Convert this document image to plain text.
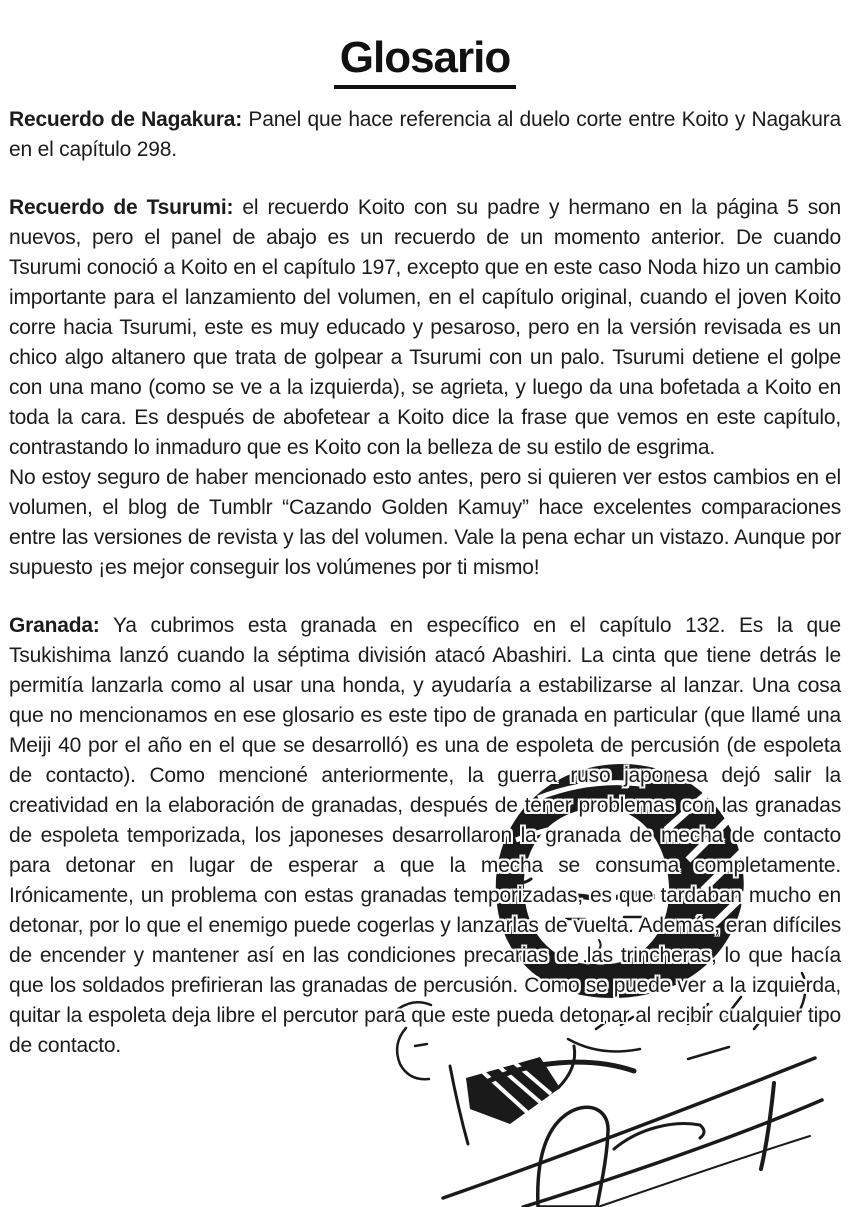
Glosario

Recuerdo de Nagakura: Panel que hace referencia al duelo corte entre Koito y Nagakura en el capítulo 298.

Recuerdo de Tsurumi: el recuerdo Koito con su padre y hermano en la página 5 son nuevos, pero el panel de abajo es un recuerdo de un momento anterior. De cuando Tsurumi conoció a Koito en el capítulo 197, excepto que en este caso Noda hizo un cambio importante para el lanzamiento del volumen, en el capítulo original, cuando el joven Koito corre hacia Tsurumi, este es muy educado y pesaroso, pero en la versión revisada es un chico algo altanero que trata de golpear a Tsurumi con un palo. Tsurumi detiene el golpe con una mano (como se ve a la izquierda), se agrieta, y luego da una bofetada a Koito en toda la cara. Es después de abofetear a Koito dice la frase que vemos en este capítulo, contrastando lo inmaduro que es Koito con la belleza de su estilo de esgrima.

No estoy seguro de haber mencionado esto antes, pero si quieren ver estos cambios en el volumen, el blog de Tumblr “Cazando Golden Kamuy” hace excelentes comparaciones entre las versiones de revista y las del volumen. Vale la pena echar un vistazo. Aunque por supuesto ¡es mejor conseguir los volúmenes por ti mismo!

Granada: Ya cubrimos esta granada en específico en el capítulo 132. Es la que Tsukishima lanzó cuando la séptima división atacó Abashiri. La cinta que tiene detrás le permitía lanzarla como al usar una honda, y ayudaría a estabilizarse al lanzar. Una cosa que no mencionamos en ese glosario es este tipo de granada en particular (que llamé una Meiji 40 por el año en el que se desarrolló) es una de espoleta de percusión (de espoleta de contacto). Como mencioné anteriormente, la guerra ruso japonesa dejó salir la creatividad en la elaboración de granadas, después de tener problemas con las granadas de espoleta temporizada, los japoneses desarrollaron la granada de mecha de contacto para detonar en lugar de esperar a que la mecha se consuma completamente. Irónicamente, un problema con estas granadas temporizadas, es que tardaban mucho en detonar, por lo que el enemigo puede cogerlas y lanzarlas de vuelta. Además, eran difíciles de encender y mantener así en las condiciones precarias de las trincheras, lo que hacía que los soldados prefirieran las granadas de percusión. Como se puede ver a la izquierda, quitar la espoleta deja libre el percutor para que este pueda detonar al recibir cualquier tipo de contacto.
